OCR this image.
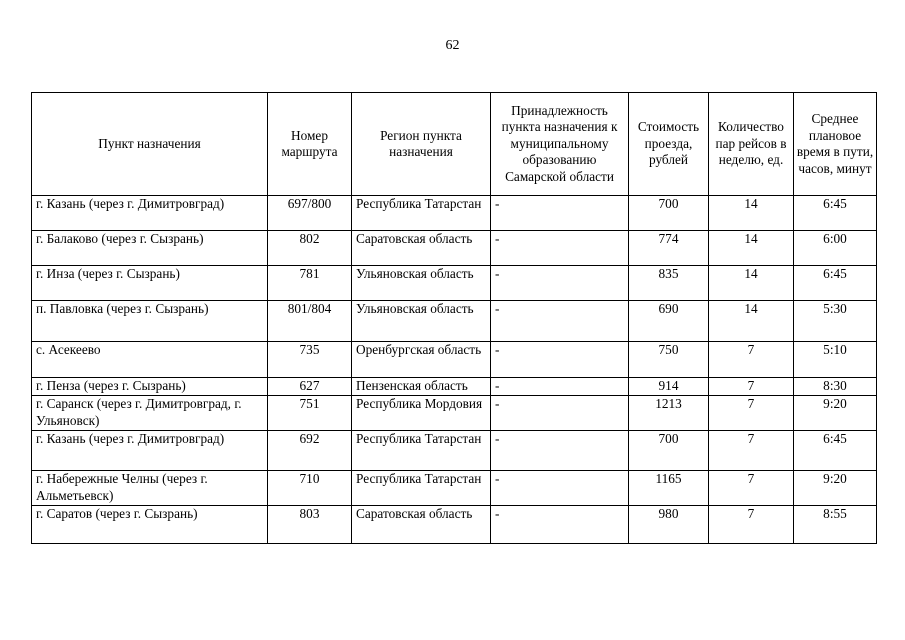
62
Пункт назначения	Номер маршрута	Регион пункта назначения	Принадлежность пункта назначения к муниципальному образованию Самарской области	Стоимость проезда, рублей	Количество пар рейсов в неделю, ед.	Среднее плановое время в пути, часов, минут
г. Казань (через г. Димитровград)	697/800	Республика Татарстан	-	700	14	6:45
г. Балаково (через г. Сызрань)	802	Саратовская область	-	774	14	6:00
г. Инза (через г. Сызрань)	781	Ульяновская область	-	835	14	6:45
п. Павловка (через г. Сызрань)	801/804	Ульяновская область	-	690	14	5:30
с. Асекеево	735	Оренбургская область	-	750	7	5:10
г. Пенза (через г. Сызрань)	627	Пензенская область	-	914	7	8:30
г. Саранск (через г. Димитровград, г. Ульяновск)	751	Республика Мордовия	-	1213	7	9:20
г. Казань (через г. Димитровград)	692	Республика Татарстан	-	700	7	6:45
г. Набережные Челны (через г. Альметьевск)	710	Республика Татарстан	-	1165	7	9:20
г. Саратов (через г. Сызрань)	803	Саратовская область	-	980	7	8:55
